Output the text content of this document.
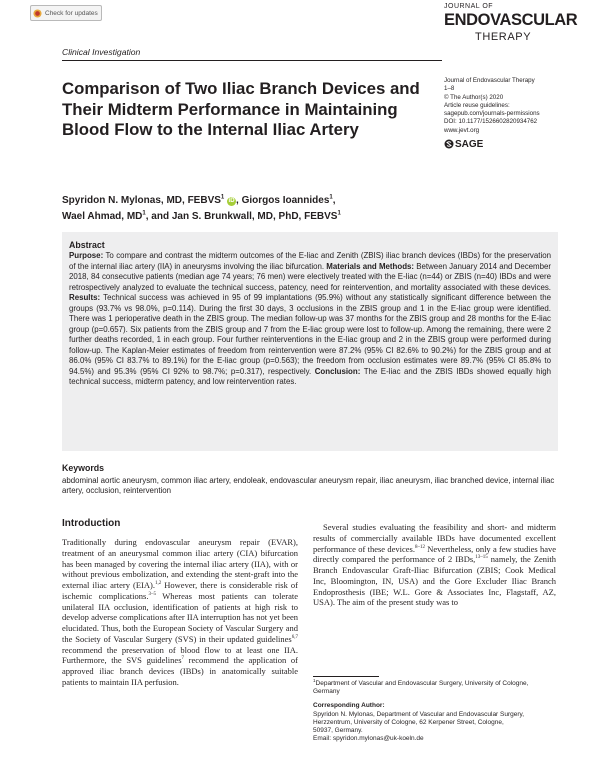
Check for updates
Clinical Investigation
Comparison of Two Iliac Branch Devices and Their Midterm Performance in Maintaining Blood Flow to the Internal Iliac Artery
Spyridon N. Mylonas, MD, FEBVS$^1$ iD , Giorgos Ioannides$^1$,
Wael Ahmad, $MD^1$, and Jan S. Brunkwall, MD, PhD, FEBVS$^1$
JOURNAL OF
ENDOVASCULAR
THERAPY
Journal of Endovascular Therapy
1–8
© The Author(s) 2020
Article reuse guidelines:
sagepub.com/journals-permissions
DOI: 10.1177/1526602820934762
www.jevt.org
SAGE
Abstract

Purpose: To compare and contrast the midterm outcomes of the E-liac and Zenith (ZBIS) iliac branch devices (IBDs) for the preservation of the internal iliac artery (IIA) in aneurysms involving the iliac bifurcation. Materials and Methods: Between January 2014 and December 2018, 84 consecutive patients (median age 74 years; 76 men) were electively treated with the E-liac (n=44) or ZBIS (n=40) IBDs and were retrospectively analyzed to evaluate the technical success, patency, need for reintervention, and mortality associated with these devices. Results: Technical success was achieved in 95 of 99 implantations (95.9%) without any statistically significant difference between the groups (93.7% vs 98.0%, p=0.114). During the first 30 days, 3 occlusions in the ZBIS group and 1 in the E-liac group were identified. There was 1 perioperative death in the ZBIS group. The median follow-up was 37 months for the ZBIS group and 28 months for the E-liac group (p=0.657). Six patients from the ZBIS group and 7 from the E-liac group were lost to follow-up. Among the remaining, there were 2 further deaths recorded, 1 in each group. Four further reinterventions in the E-liac group and 2 in the ZBIS group were performed during follow-up. The Kaplan-Meier estimates of freedom from reintervention were 87.2% (95% CI 82.6% to 90.2%) for the ZBIS group and at 86.0% (95% CI 83.7% to 89.1%) for the E-liac group (p=0.563); the freedom from occlusion estimates were 89.7% (95% CI 85.8% to 94.5%) and 95.3% (95% CI 92% to 98.7%; p=0.317), respectively. Conclusion: The E-liac and the ZBIS IBDs showed equally high technical success, midterm patency, and low reintervention rates.

Keywords
abdominal aortic aneurysm, common iliac artery, endoleak, endovascular aneurysm repair, iliac aneurysm, iliac branched device, internal iliac artery, occlusion, reintervention
Introduction

Traditionally during endovascular aneurysm repair (EVAR), treatment of an aneurysmal common iliac artery (CIA) bifurcation has been managed by covering the internal iliac artery (IIA), with or without previous embolization, and extending the stent-graft into the external iliac artery (EIA).$^{1,2}$ However, there is considerable risk of ischemic complications.$^{3-5}$ Whereas most patients can tolerate unilateral IIA occlusion, identification of patients at high risk to develop adverse complications after IIA interruption has not yet been elucidated. Thus, both the European Society of Vascular Surgery and the Society of Vascular Surgery (SVS) in their updated guidelines$^{6,7}$ recommend the preservation of blood flow to at least one IIA. Furthermore, the SVS guidelines$^7$ recommend the application of approved iliac branch devices (IBDs) in anatomically suitable patients to maintain IIA perfusion.

Several studies evaluating the feasibility and short- and midterm results of commercially available IBDs have documented excellent performance of these devices.$^{8-12}$ Nevertheless, only a few studies have directly compared the performance of 2 IBDs,$^{13-15}$ namely, the Zenith Branch Endovascular Graft-Iliac Bifurcation (ZBIS; Cook Medical Inc, Bloomington, IN, USA) and the Gore Excluder Iliac Branch Endoprosthesis (IBE; W.L. Gore & Associates Inc, Flagstaff, AZ, USA). The aim of the present study was to

$^1$Department of Vascular and Endovascular Surgery, University of Cologne, Germany
Corresponding Author:
Spyridon N. Mylonas, Department of Vascular and Endovascular Surgery,
Herzzentrum, University of Cologne, 62 Kerpener Street, Cologne,
50937, Germany.
Email: spyridon.mylonas@uk-koeln.de
